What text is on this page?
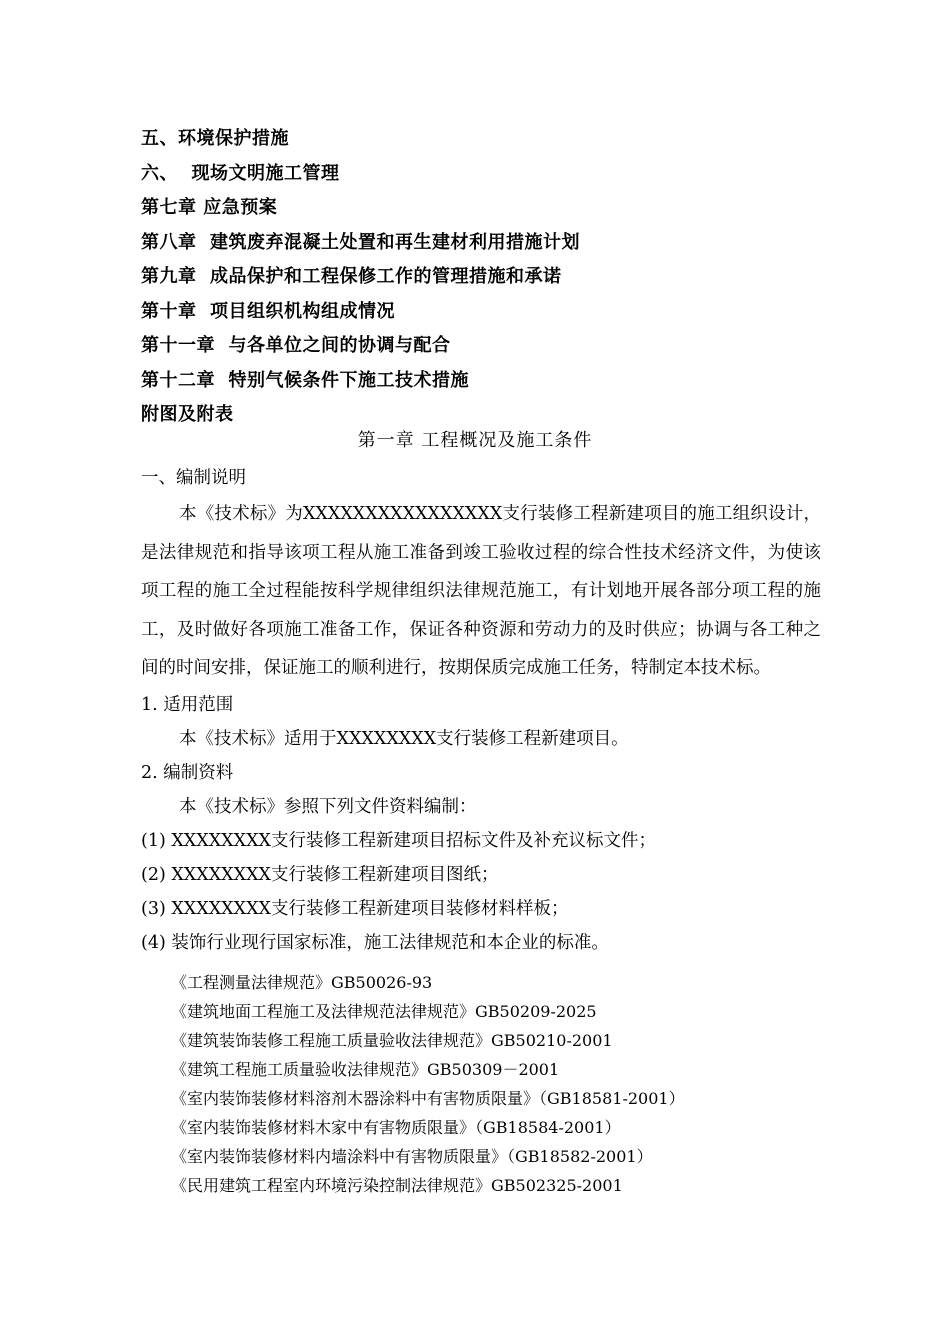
五、环境保护措施
六、  现场文明施工管理
第七章 应急预案
第八章  建筑废弃混凝土处置和再生建材利用措施计划
第九章  成品保护和工程保修工作的管理措施和承诺
第十章  项目组织机构组成情况
第十一章  与各单位之间的协调与配合
第十二章  特别气候条件下施工技术措施
附图及附表
第一章 工程概况及施工条件
一、编制说明
本《技术标》为XXXXXXXXXXXXXXXX支行装修工程新建项目的施工组织设计，是法律规范和指导该项工程从施工准备到竣工验收过程的综合性技术经济文件，为使该项工程的施工全过程能按科学规律组织法律规范施工，有计划地开展各部分项工程的施工，及时做好各项施工准备工作，保证各种资源和劳动力的及时供应；协调与各工种之间的时间安排，保证施工的顺利进行，按期保质完成施工任务，特制定本技术标。
1. 适用范围
本《技术标》适用于XXXXXXXX支行装修工程新建项目。
2. 编制资料
本《技术标》参照下列文件资料编制：
(1) XXXXXXXX支行装修工程新建项目招标文件及补充议标文件；
(2) XXXXXXXX支行装修工程新建项目图纸；
(3) XXXXXXXX支行装修工程新建项目装修材料样板；
(4) 装饰行业现行国家标准，施工法律规范和本企业的标准。
《工程测量法律规范》GB50026-93
《建筑地面工程施工及法律规范法律规范》GB50209-2025
《建筑装饰装修工程施工质量验收法律规范》GB50210-2001
《建筑工程施工质量验收法律规范》GB50309－2001
《室内装饰装修材料溶剂木器涂料中有害物质限量》（GB18581-2001）
《室内装饰装修材料木家中有害物质限量》（GB18584-2001）
《室内装饰装修材料内墙涂料中有害物质限量》（GB18582-2001）
《民用建筑工程室内环境污染控制法律规范》GB502325-2001
